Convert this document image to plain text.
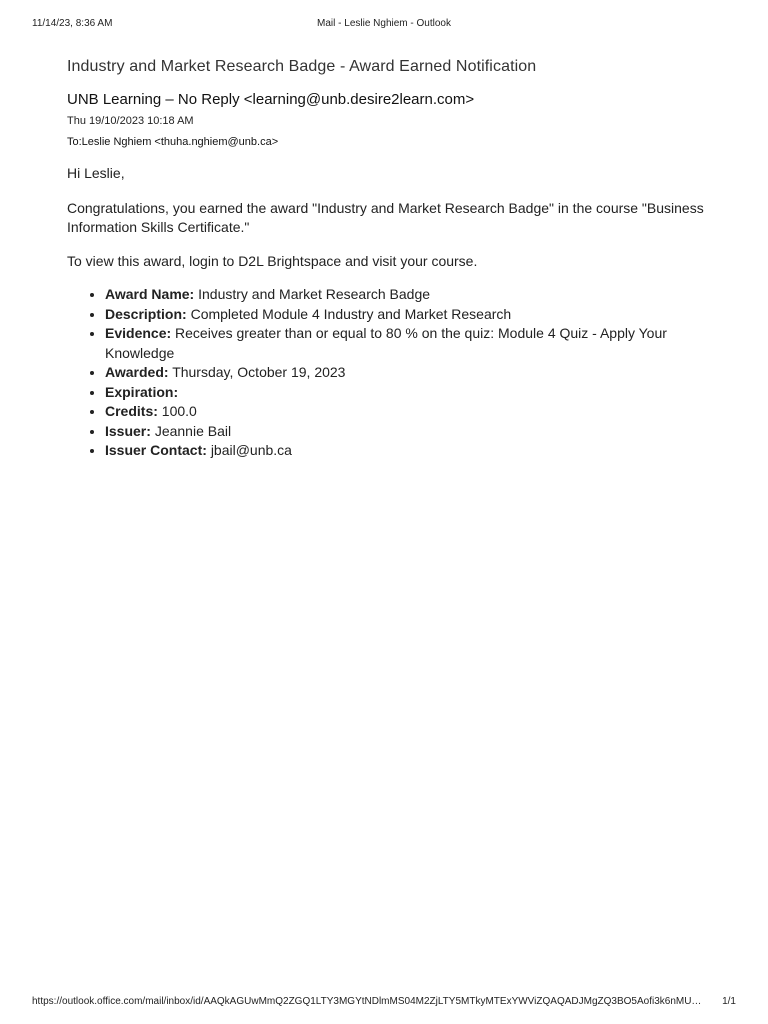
11/14/23, 8:36 AM	Mail - Leslie Nghiem - Outlook
Industry and Market Research Badge - Award Earned Notification
UNB Learning – No Reply <learning@unb.desire2learn.com>
Thu 19/10/2023 10:18 AM
To:Leslie Nghiem <thuha.nghiem@unb.ca>

Hi Leslie,

Congratulations, you earned the award "Industry and Market Research Badge" in the course "Business Information Skills Certificate."

To view this award, login to D2L Brightspace and visit your course.

• Award Name: Industry and Market Research Badge
• Description: Completed Module 4 Industry and Market Research
• Evidence: Receives greater than or equal to 80 % on the quiz: Module 4 Quiz - Apply Your Knowledge
• Awarded: Thursday, October 19, 2023
• Expiration:
• Credits: 100.0
• Issuer: Jeannie Bail
• Issuer Contact: jbail@unb.ca
https://outlook.office.com/mail/inbox/id/AAQkAGUwMmQ2ZGQ1LTY3MGYtNDlmMS04M2ZjLTY5MTkyMTExYWViZQAQADJMgZQ3BO5Aofi3k6nMU…	1/1
